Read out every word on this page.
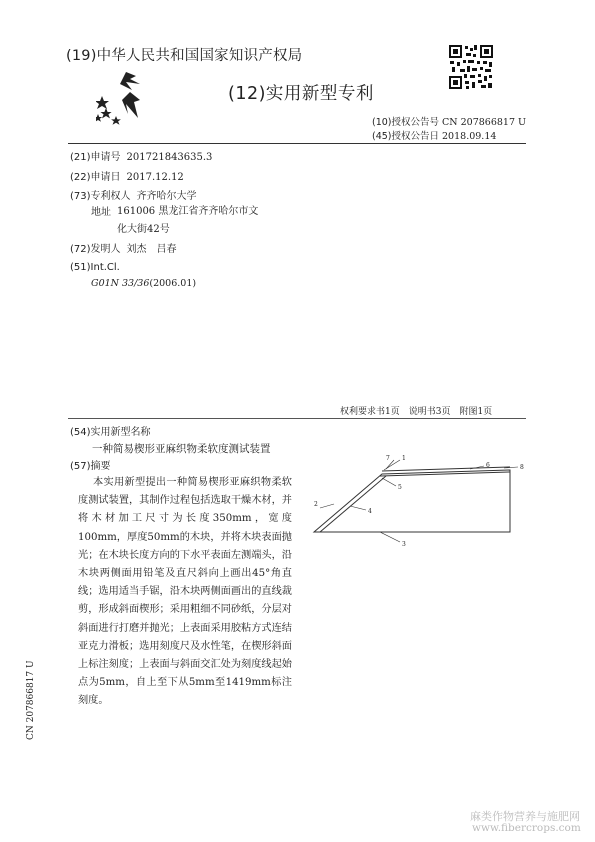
(19)中华人民共和国国家知识产权局
(12)实用新型专利
(10)授权公告号 CN 207866817 U
(45)授权公告日 2018.09.14
(21)申请号 201721843635.3
(22)申请日 2017.12.12
(73)专利权人 齐齐哈尔大学
地址 161006 黑龙江省齐齐哈尔市文化大街42号
(72)发明人 刘杰　吕春
(51)Int.Cl.
G01N 33/36(2006.01)
权利要求书1页　说明书3页　附图1页
(54)实用新型名称
一种简易楔形亚麻织物柔软度测试装置
(57)摘要
本实用新型提出一种简易楔形亚麻织物柔软度测试装置，其制作过程包括选取干燥木材，并将木材加工尺寸为长度350mm，宽度100mm，厚度50mm的木块，并将木块表面抛光；在木块长度方向的下水平表面左测端头，沿木块两侧面用铅笔及直尺斜向上画出45°角直线；选用适当手锯，沿木块两侧面画出的直线裁剪，形成斜面楔形；采用粗细不同砂纸，分层对斜面进行打磨并抛光；上表面采用胶粘方式连结亚克力滑板；选用刻度尺及水性笔，在楔形斜面上标注刻度；上表面与斜面交汇处为刻度线起始点为5mm，自上至下从5mm至1419mm标注刻度。
7 1
5
6	8
4
2
3
CN 207866817 U
麻类作物营养与施肥网
www.fibercrops.com
